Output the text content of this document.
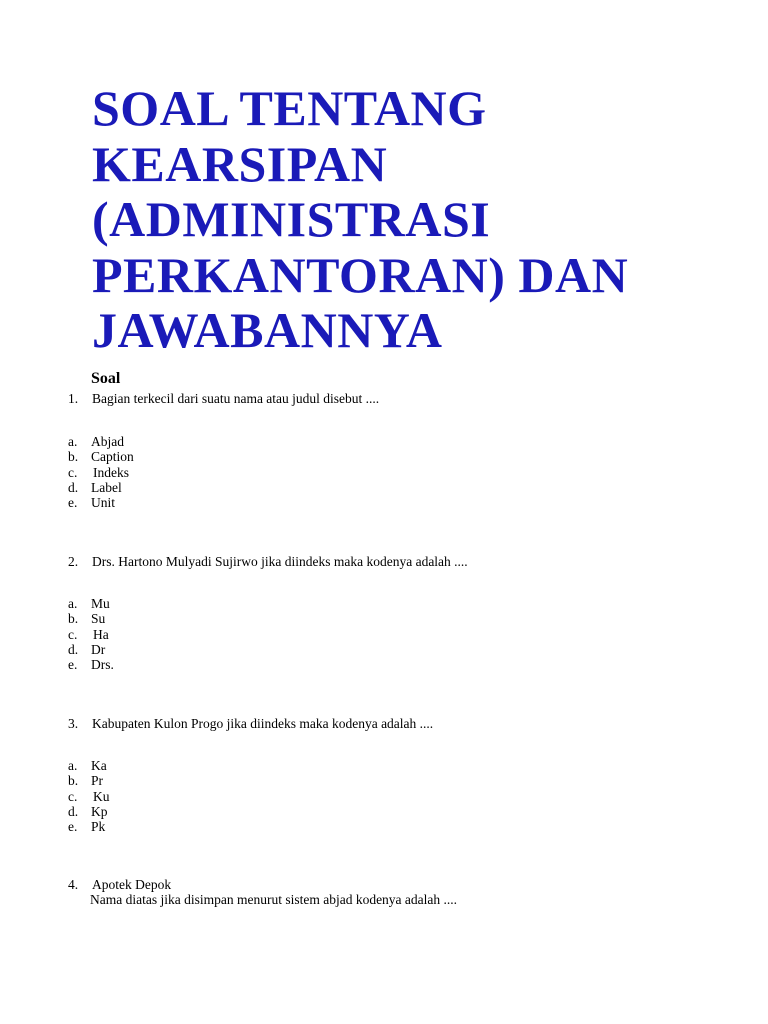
SOAL TENTANG
KEARSIPAN
(ADMINISTRASI
PERKANTORAN) DAN
JAWABANNYA
Soal
1. Bagian terkecil dari suatu nama atau judul disebut ....
a. Abjad
b. Caption
c. Indeks
d. Label
e. Unit
2. Drs. Hartono Mulyadi Sujirwo jika diindeks maka kodenya adalah ....
a. Mu
b. Su
c. Ha
d. Dr
e. Drs.
3. Kabupaten Kulon Progo jika diindeks maka kodenya adalah ....
a. Ka
b. Pr
c. Ku
d. Kp
e. Pk
4. Apotek Depok
Nama diatas jika disimpan menurut sistem abjad kodenya adalah ....
